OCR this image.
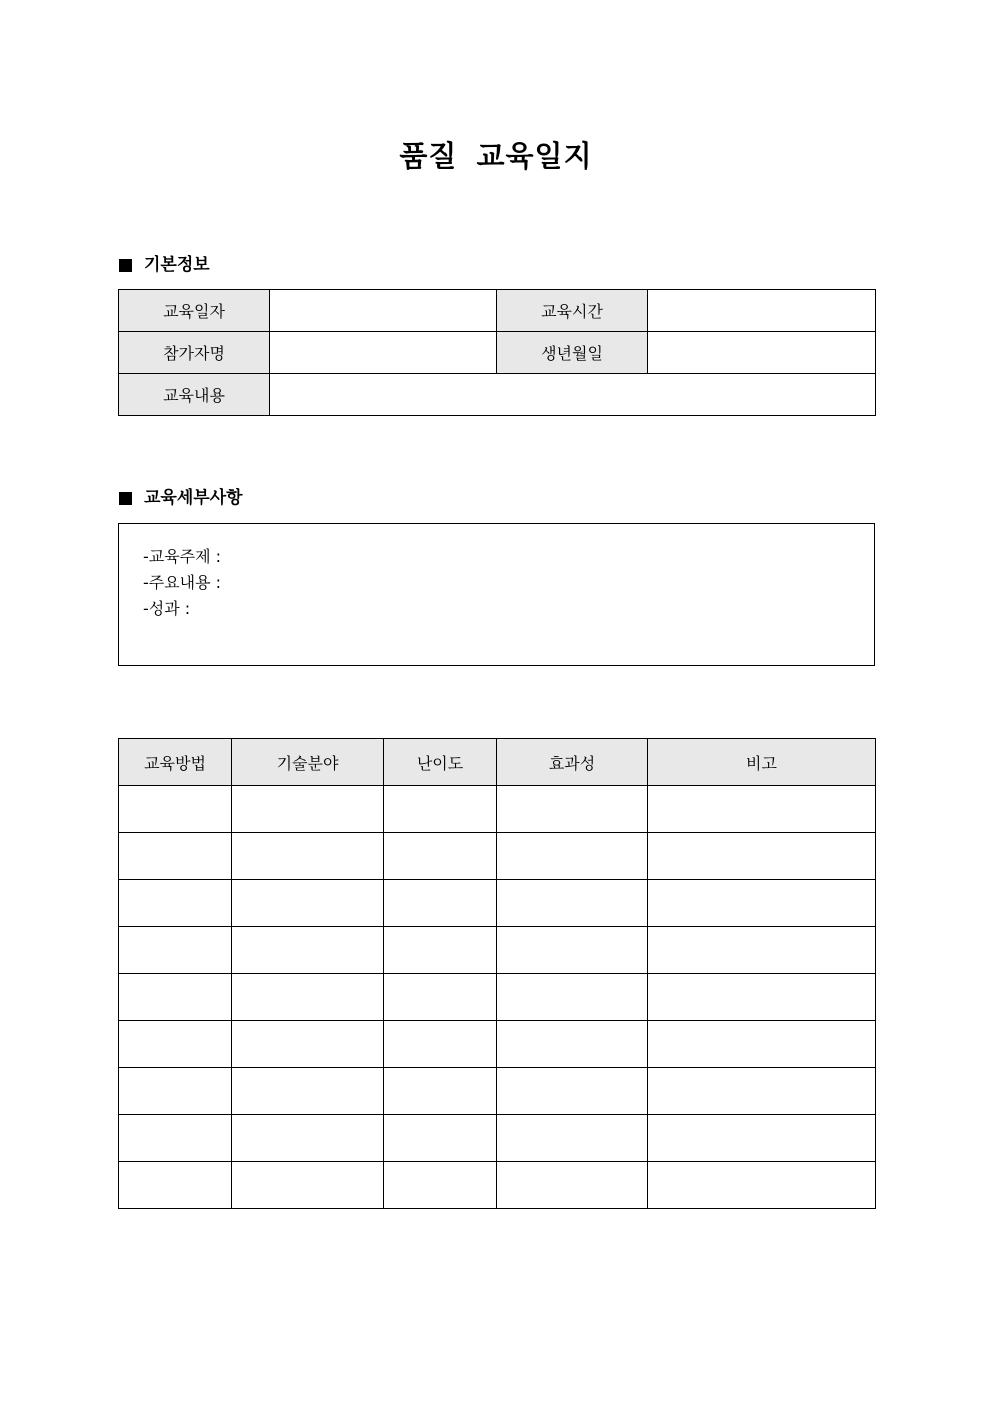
품질 교육일지
기본정보
교육일자		교육시간	
참가자명		생년월일	
교육내용			
교육세부사항
-교육주제 :
-주요내용 :
-성과 :
교육방법	기술분야	난이도	효과성	비고
